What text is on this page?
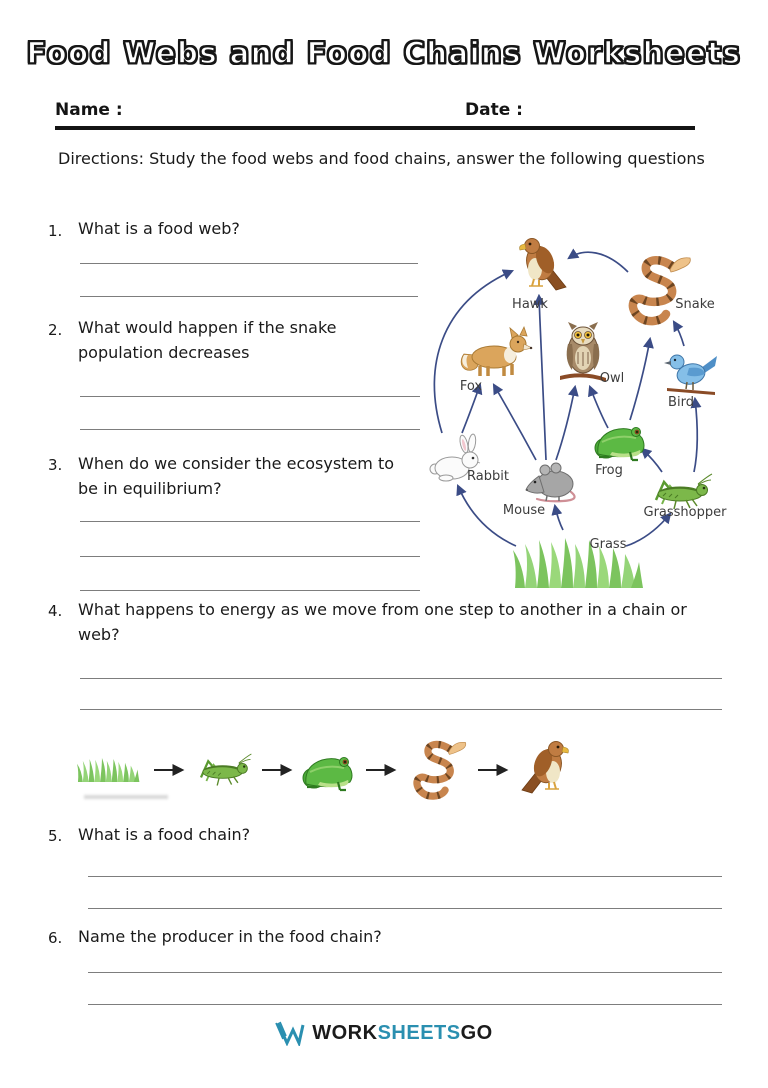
Food Webs and Food Chains Worksheets
Name :	Date :
Directions: Study the food webs and food chains, answer the following questions
1. What is a food web?
2. What would happen if the snake population decreases
3. When do we consider the ecosystem to be in equilibrium?
4. What happens to energy as we move from one step to another in a chain or web?
Hawk	Snake
Fox
Owl
Bird
Rabbit
Mouse
Frog
Grasshopper
Grass
5. What is a food chain?
6. Name the producer in the food chain?
WORKSHEETSGO
